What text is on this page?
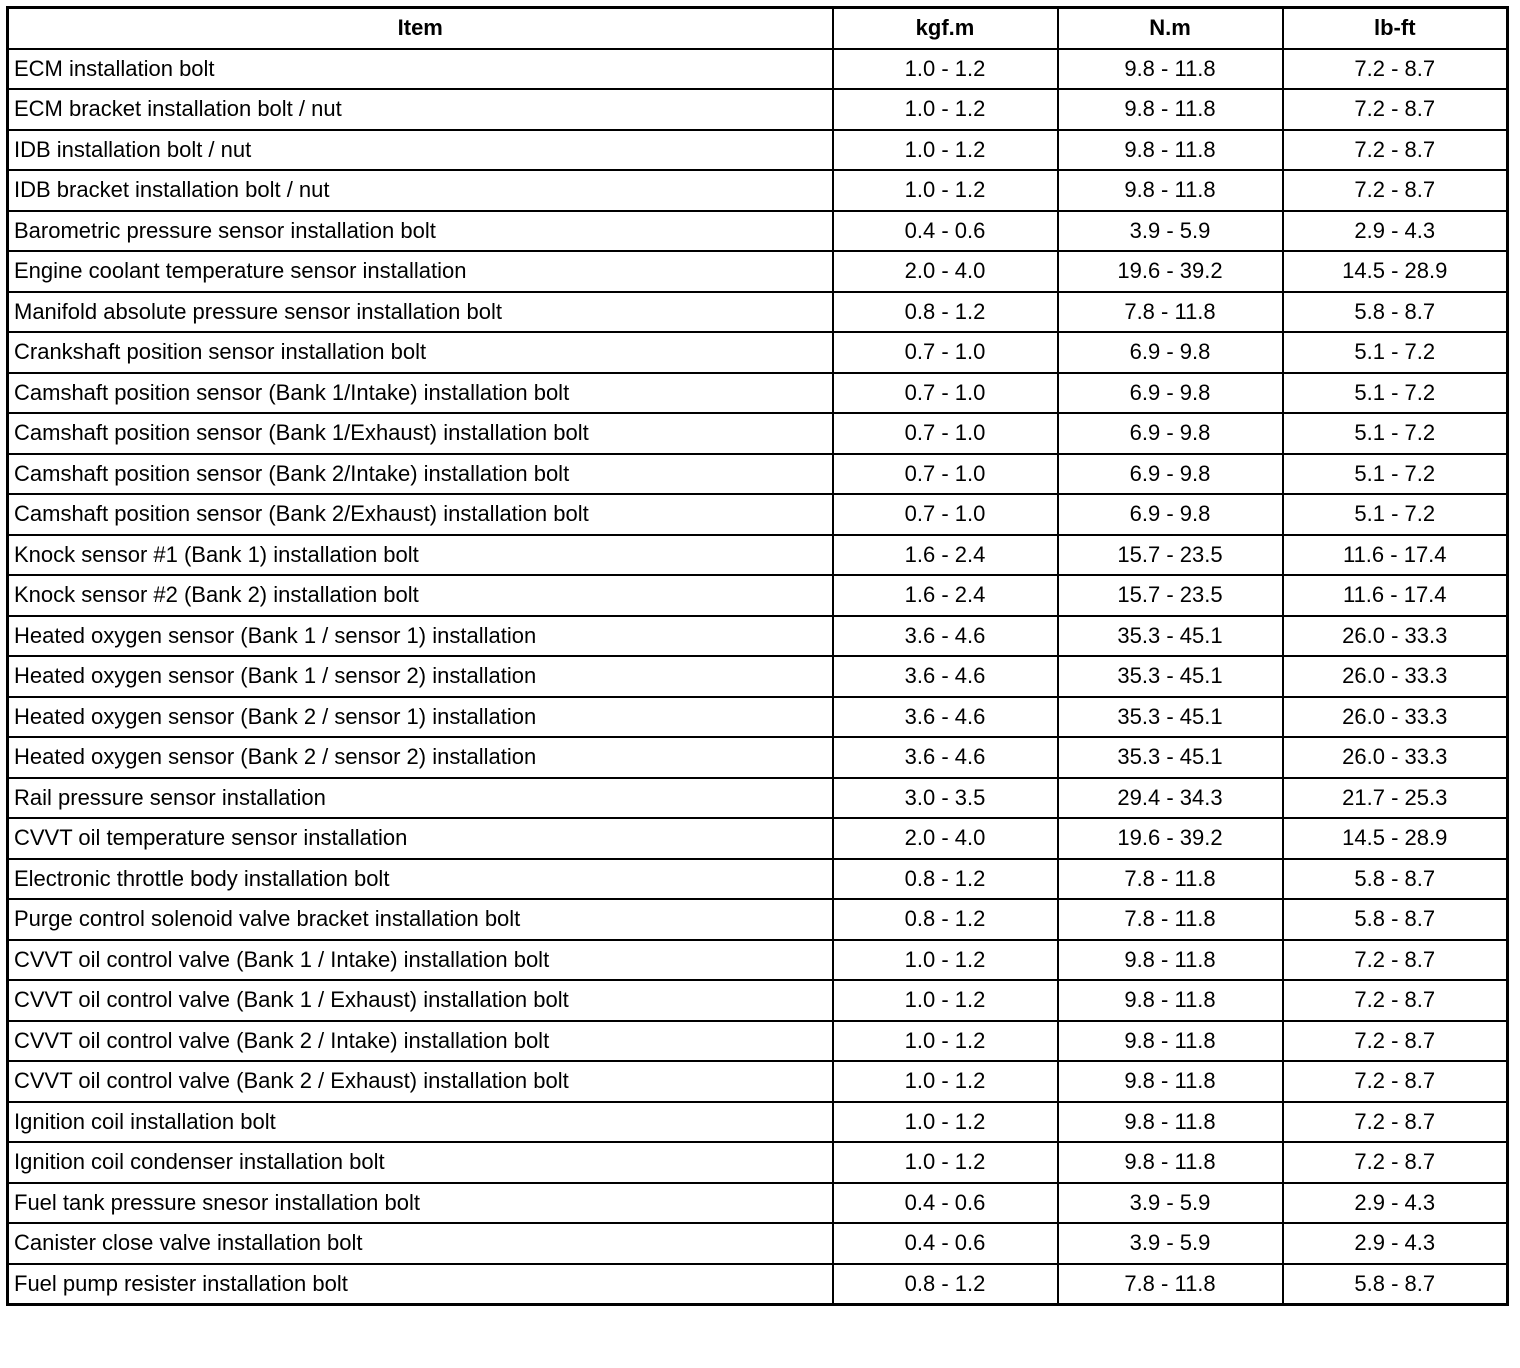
Item	kgf.m	N.m	lb-ft
ECM installation bolt	1.0 - 1.2	9.8 - 11.8	7.2 - 8.7
ECM bracket installation bolt / nut	1.0 - 1.2	9.8 - 11.8	7.2 - 8.7
IDB installation bolt / nut	1.0 - 1.2	9.8 - 11.8	7.2 - 8.7
IDB bracket installation bolt / nut	1.0 - 1.2	9.8 - 11.8	7.2 - 8.7
Barometric pressure sensor installation bolt	0.4 - 0.6	3.9 - 5.9	2.9 - 4.3
Engine coolant temperature sensor installation	2.0 - 4.0	19.6 - 39.2	14.5 - 28.9
Manifold absolute pressure sensor installation bolt	0.8 - 1.2	7.8 - 11.8	5.8 - 8.7
Crankshaft position sensor installation bolt	0.7 - 1.0	6.9 - 9.8	5.1 - 7.2
Camshaft position sensor (Bank 1/Intake) installation bolt	0.7 - 1.0	6.9 - 9.8	5.1 - 7.2
Camshaft position sensor (Bank 1/Exhaust) installation bolt	0.7 - 1.0	6.9 - 9.8	5.1 - 7.2
Camshaft position sensor (Bank 2/Intake) installation bolt	0.7 - 1.0	6.9 - 9.8	5.1 - 7.2
Camshaft position sensor (Bank 2/Exhaust) installation bolt	0.7 - 1.0	6.9 - 9.8	5.1 - 7.2
Knock sensor #1 (Bank 1) installation bolt	1.6 - 2.4	15.7 - 23.5	11.6 - 17.4
Knock sensor #2 (Bank 2) installation bolt	1.6 - 2.4	15.7 - 23.5	11.6 - 17.4
Heated oxygen sensor (Bank 1 / sensor 1) installation	3.6 - 4.6	35.3 - 45.1	26.0 - 33.3
Heated oxygen sensor (Bank 1 / sensor 2) installation	3.6 - 4.6	35.3 - 45.1	26.0 - 33.3
Heated oxygen sensor (Bank 2 / sensor 1) installation	3.6 - 4.6	35.3 - 45.1	26.0 - 33.3
Heated oxygen sensor (Bank 2 / sensor 2) installation	3.6 - 4.6	35.3 - 45.1	26.0 - 33.3
Rail pressure sensor installation	3.0 - 3.5	29.4 - 34.3	21.7 - 25.3
CVVT oil temperature sensor installation	2.0 - 4.0	19.6 - 39.2	14.5 - 28.9
Electronic throttle body installation bolt	0.8 - 1.2	7.8 - 11.8	5.8 - 8.7
Purge control solenoid valve bracket installation bolt	0.8 - 1.2	7.8 - 11.8	5.8 - 8.7
CVVT oil control valve (Bank 1 / Intake) installation bolt	1.0 - 1.2	9.8 - 11.8	7.2 - 8.7
CVVT oil control valve (Bank 1 / Exhaust) installation bolt	1.0 - 1.2	9.8 - 11.8	7.2 - 8.7
CVVT oil control valve (Bank 2 / Intake) installation bolt	1.0 - 1.2	9.8 - 11.8	7.2 - 8.7
CVVT oil control valve (Bank 2 / Exhaust) installation bolt	1.0 - 1.2	9.8 - 11.8	7.2 - 8.7
Ignition coil installation bolt	1.0 - 1.2	9.8 - 11.8	7.2 - 8.7
Ignition coil condenser installation bolt	1.0 - 1.2	9.8 - 11.8	7.2 - 8.7
Fuel tank pressure snesor installation bolt	0.4 - 0.6	3.9 - 5.9	2.9 - 4.3
Canister close valve installation bolt	0.4 - 0.6	3.9 - 5.9	2.9 - 4.3
Fuel pump resister installation bolt	0.8 - 1.2	7.8 - 11.8	5.8 - 8.7
